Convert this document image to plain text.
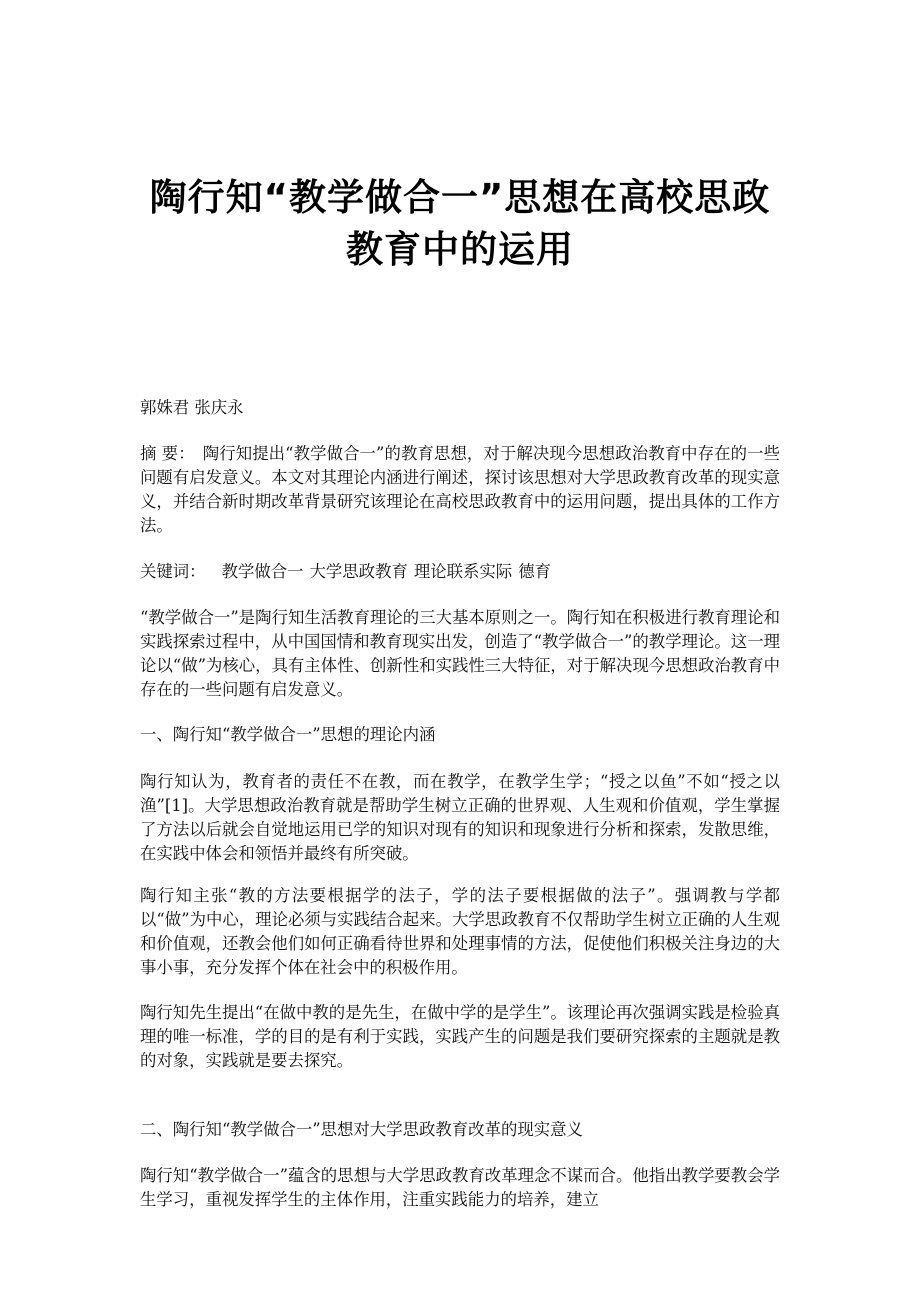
陶行知“教学做合一”思想在高校思政
教育中的运用
郭姝君 张庆永
摘 要： 陶行知提出“教学做合一”的教育思想，对于解决现今思想政治教育中存在的一些问题有启发意义。本文对其理论内涵进行阐述，探讨该思想对大学思政教育改革的现实意义，并结合新时期改革背景研究该理论在高校思政教育中的运用问题，提出具体的工作方法。
关键词： 教学做合一 大学思政教育 理论联系实际 德育
“教学做合一”是陶行知生活教育理论的三大基本原则之一。陶行知在积极进行教育理论和实践探索过程中，从中国国情和教育现实出发，创造了“教学做合一”的教学理论。这一理论以“做”为核心，具有主体性、创新性和实践性三大特征，对于解决现今思想政治教育中存在的一些问题有启发意义。
一、陶行知“教学做合一”思想的理论内涵
陶行知认为，教育者的责任不在教，而在教学，在教学生学；“授之以鱼”不如“授之以渔”[1]。大学思想政治教育就是帮助学生树立正确的世界观、人生观和价值观，学生掌握了方法以后就会自觉地运用已学的知识对现有的知识和现象进行分析和探索，发散思维，在实践中体会和领悟并最终有所突破。
陶行知主张“教的方法要根据学的法子，学的法子要根据做的法子”。强调教与学都以“做”为中心，理论必须与实践结合起来。大学思政教育不仅帮助学生树立正确的人生观和价值观，还教会他们如何正确看待世界和处理事情的方法，促使他们积极关注身边的大事小事，充分发挥个体在社会中的积极作用。
陶行知先生提出“在做中教的是先生，在做中学的是学生”。该理论再次强调实践是检验真理的唯一标准，学的目的是有利于实践，实践产生的问题是我们要研究探索的主题就是教的对象，实践就是要去探究。
二、陶行知“教学做合一”思想对大学思政教育改革的现实意义
陶行知“教学做合一”蕴含的思想与大学思政教育改革理念不谋而合。他指出教学要教会学生学习，重视发挥学生的主体作用，注重实践能力的培养，建立
